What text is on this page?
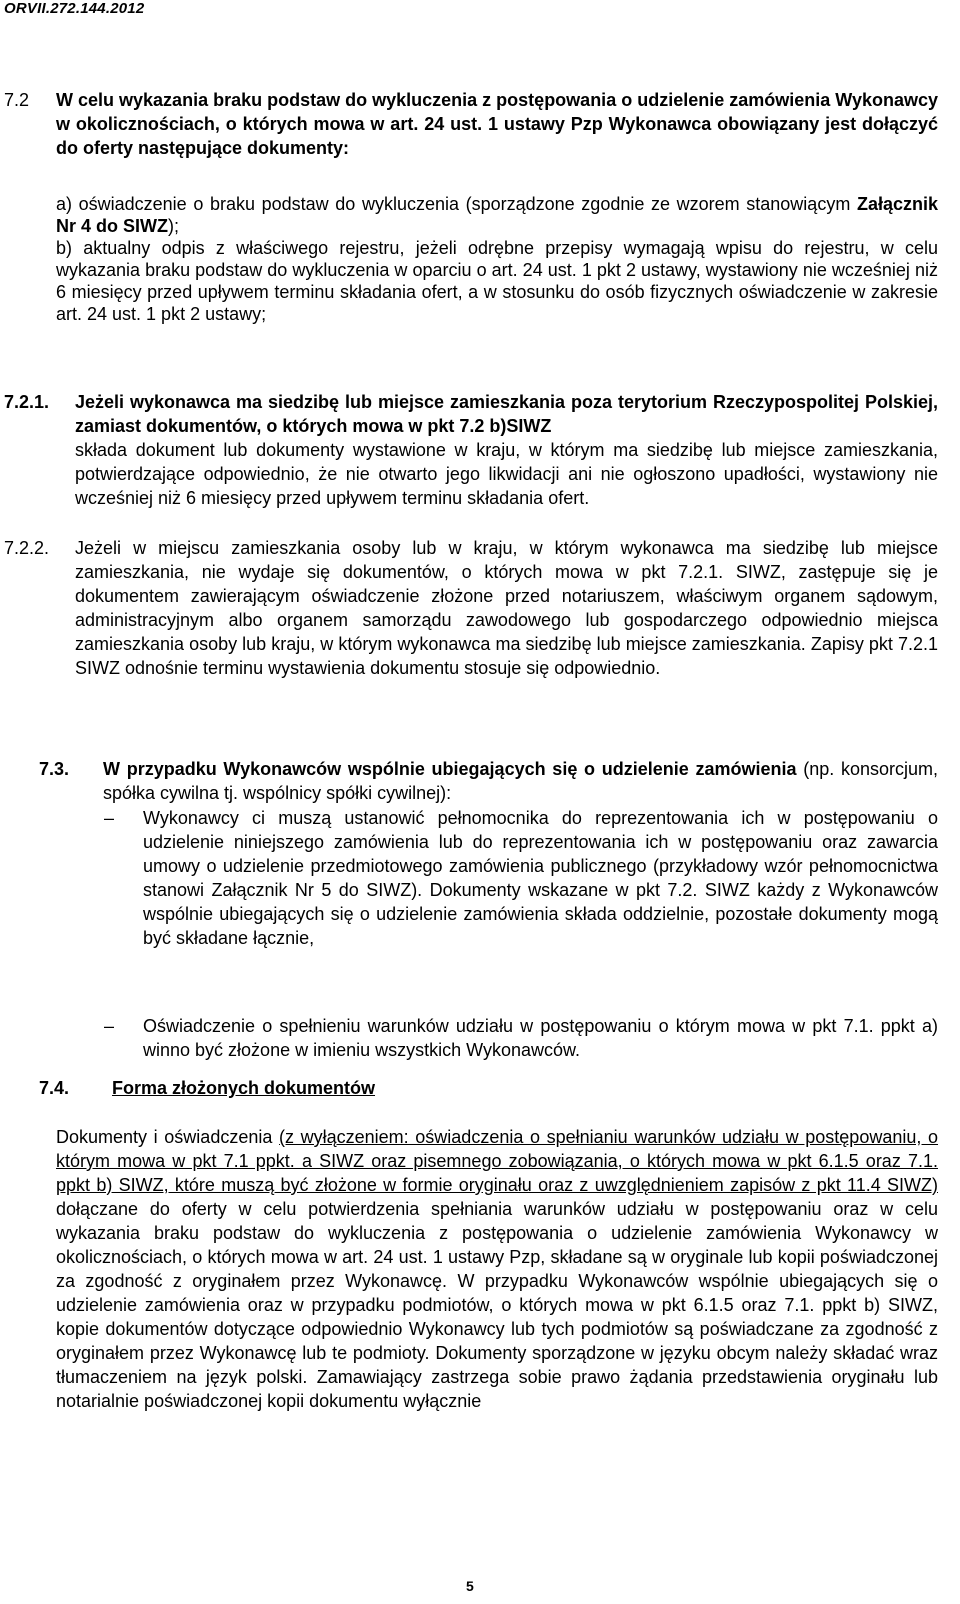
ORVII.272.144.2012
7.2 W celu wykazania braku podstaw do wykluczenia z postępowania o udzielenie zamówienia Wykonawcy w okolicznościach, o których mowa w art. 24 ust. 1 ustawy Pzp Wykonawca obowiązany jest dołączyć do oferty następujące dokumenty:

a) oświadczenie o braku podstaw do wykluczenia (sporządzone zgodnie ze wzorem stanowiącym Załącznik Nr 4 do SIWZ);

b) aktualny odpis z właściwego rejestru, jeżeli odrębne przepisy wymagają wpisu do rejestru, w celu wykazania braku podstaw do wykluczenia w oparciu o art. 24 ust. 1 pkt 2 ustawy, wystawiony nie wcześniej niż 6 miesięcy przed upływem terminu składania ofert, a w stosunku do osób fizycznych oświadczenie w zakresie art. 24 ust. 1 pkt 2 ustawy;

7.2.1. Jeżeli wykonawca ma siedzibę lub miejsce zamieszkania poza terytorium Rzeczypospolitej Polskiej, zamiast dokumentów, o których mowa w pkt 7.2 b)SIWZ

składa dokument lub dokumenty wystawione w kraju, w którym ma siedzibę lub miejsce zamieszkania, potwierdzające odpowiednio, że nie otwarto jego likwidacji ani nie ogłoszono upadłości, wystawiony nie wcześniej niż 6 miesięcy przed upływem terminu składania ofert.

7.2.2. Jeżeli w miejscu zamieszkania osoby lub w kraju, w którym wykonawca ma siedzibę lub miejsce zamieszkania, nie wydaje się dokumentów, o których mowa w pkt 7.2.1. SIWZ, zastępuje się je dokumentem zawierającym oświadczenie złożone przed notariuszem, właściwym organem sądowym, administracyjnym albo organem samorządu zawodowego lub gospodarczego odpowiednio miejsca zamieszkania osoby lub kraju, w którym wykonawca ma siedzibę lub miejsce zamieszkania. Zapisy pkt 7.2.1 SIWZ odnośnie terminu wystawienia dokumentu stosuje się odpowiednio.

7.3. W przypadku Wykonawców wspólnie ubiegających się o udzielenie zamówienia (np. konsorcjum, spółka cywilna tj. wspólnicy spółki cywilnej):

– Wykonawcy ci muszą ustanowić pełnomocnika do reprezentowania ich w postępowaniu o udzielenie niniejszego zamówienia lub do reprezentowania ich w postępowaniu oraz zawarcia umowy o udzielenie przedmiotowego zamówienia publicznego (przykładowy wzór pełnomocnictwa stanowi Załącznik Nr 5 do SIWZ). Dokumenty wskazane w pkt 7.2. SIWZ każdy z Wykonawców wspólnie ubiegających się o udzielenie zamówienia składa oddzielnie, pozostałe dokumenty mogą być składane łącznie,

– Oświadczenie o spełnieniu warunków udziału w postępowaniu o którym mowa w pkt 7.1. ppkt a) winno być złożone w imieniu wszystkich Wykonawców.

7.4. Forma złożonych dokumentów

Dokumenty i oświadczenia (z wyłączeniem: oświadczenia o spełnianiu warunków udziału w postępowaniu, o którym mowa w pkt 7.1 ppkt. a SIWZ oraz pisemnego zobowiązania, o których mowa w pkt 6.1.5 oraz 7.1. ppkt b) SIWZ, które muszą być złożone w formie oryginału oraz z uwzględnieniem zapisów z pkt 11.4 SIWZ) dołączane do oferty w celu potwierdzenia spełniania warunków udziału w postępowaniu oraz w celu wykazania braku podstaw do wykluczenia z postępowania o udzielenie zamówienia Wykonawcy w okolicznościach, o których mowa w art. 24 ust. 1 ustawy Pzp, składane są w oryginale lub kopii poświadczonej za zgodność z oryginałem przez Wykonawcę. W przypadku Wykonawców wspólnie ubiegających się o udzielenie zamówienia oraz w przypadku podmiotów, o których mowa w pkt 6.1.5 oraz 7.1. ppkt b) SIWZ, kopie dokumentów dotyczące odpowiednio Wykonawcy lub tych podmiotów są poświadczane za zgodność z oryginałem przez Wykonawcę lub te podmioty. Dokumenty sporządzone w języku obcym należy składać wraz tłumaczeniem na język polski. Zamawiający zastrzega sobie prawo żądania przedstawienia oryginału lub notarialnie poświadczonej kopii dokumentu wyłącznie

5
